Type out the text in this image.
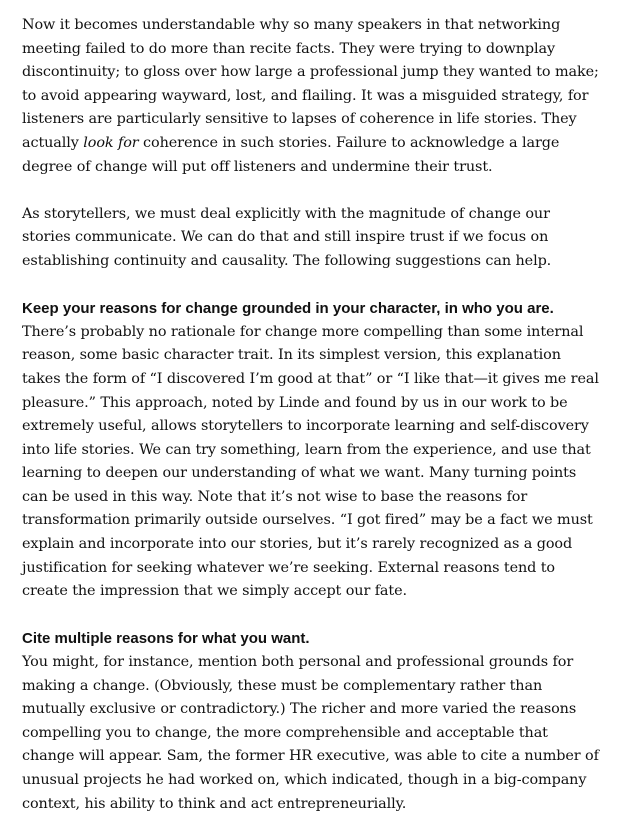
Now it becomes understandable why so many speakers in that networking meeting failed to do more than recite facts. They were trying to downplay discontinuity; to gloss over how large a professional jump they wanted to make; to avoid appearing wayward, lost, and flailing. It was a misguided strategy, for listeners are particularly sensitive to lapses of coherence in life stories. They actually look for coherence in such stories. Failure to acknowledge a large degree of change will put off listeners and undermine their trust.

As storytellers, we must deal explicitly with the magnitude of change our stories communicate. We can do that and still inspire trust if we focus on establishing continuity and causality. The following suggestions can help.

Keep your reasons for change grounded in your character, in who you are.

There’s probably no rationale for change more compelling than some internal reason, some basic character trait. In its simplest version, this explanation takes the form of “I discovered I’m good at that” or “I like that—it gives me real pleasure.” This approach, noted by Linde and found by us in our work to be extremely useful, allows storytellers to incorporate learning and self-discovery into life stories. We can try something, learn from the experience, and use that learning to deepen our understanding of what we want. Many turning points can be used in this way. Note that it’s not wise to base the reasons for transformation primarily outside ourselves. “I got fired” may be a fact we must explain and incorporate into our stories, but it’s rarely recognized as a good justification for seeking whatever we’re seeking. External reasons tend to create the impression that we simply accept our fate.

Cite multiple reasons for what you want.

You might, for instance, mention both personal and professional grounds for making a change. (Obviously, these must be complementary rather than mutually exclusive or contradictory.) The richer and more varied the reasons compelling you to change, the more comprehensible and acceptable that change will appear. Sam, the former HR executive, was able to cite a number of unusual projects he had worked on, which indicated, though in a big-company context, his ability to think and act entrepreneurially.
